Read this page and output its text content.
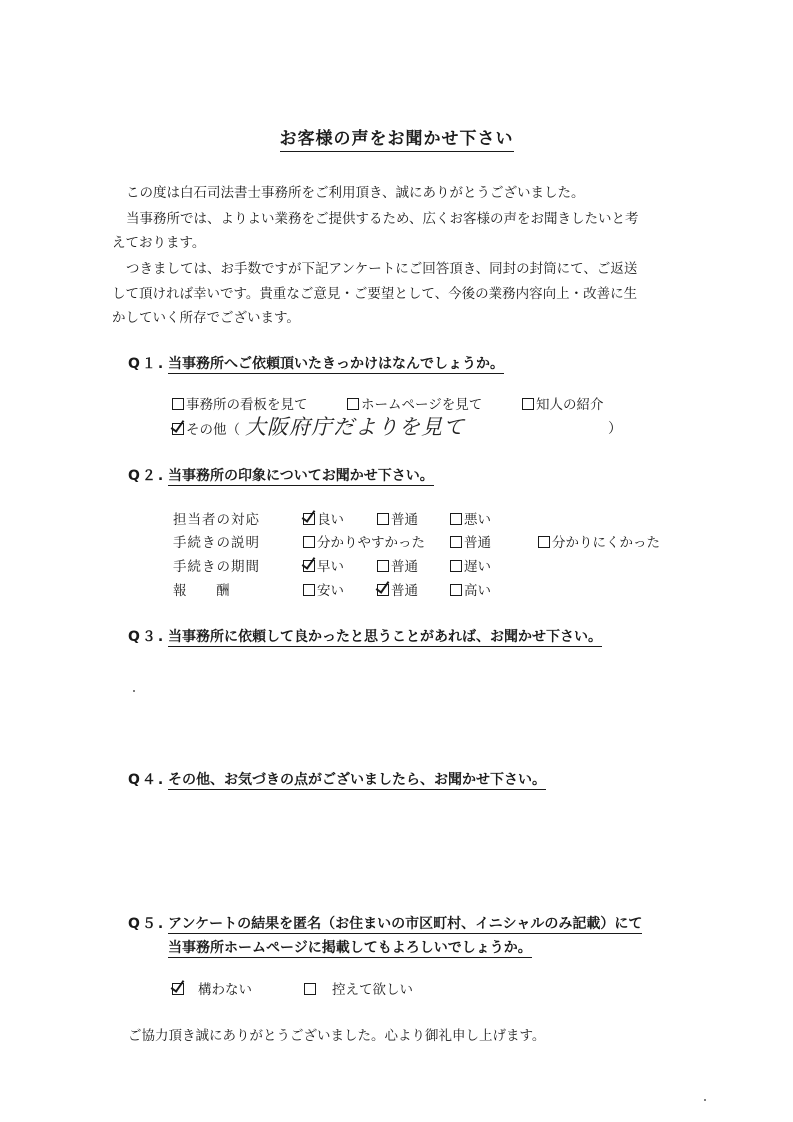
お客様の声をお聞かせ下さい
この度は白石司法書士事務所をご利用頂き、誠にありがとうございました。
当事務所では、よりよい業務をご提供するため、広くお客様の声をお聞きしたいと考
えております。
つきましては、お手数ですが下記アンケートにご回答頂き、同封の封筒にて、ご返送
して頂ければ幸いです。貴重なご意見・ご要望として、今後の業務内容向上・改善に生
かしていく所存でございます。
Q１. 当事務所へご依頼頂いたきっかけはなんでしょうか。
事務所の看板を見て	ホームページを見て	知人の紹介
その他（ 大阪府庁だよりを見て	）
Q２. 当事務所の印象についてお聞かせ下さい。
担当者の対応	良い	普通	悪い
手続きの説明	分かりやすかった	普通	分かりにくかった
手続きの期間	早い	普通	遅い
報　酬	安い	普通	高い
Q３. 当事務所に依頼して良かったと思うことがあれば、お聞かせ下さい。
Q４. その他、お気づきの点がございましたら、お聞かせ下さい。
Q５. アンケートの結果を匿名（お住まいの市区町村、イニシャルのみ記載）にて
当事務所ホームページに掲載してもよろしいでしょうか。
構わない	控えて欲しい
ご協力頂き誠にありがとうございました。心より御礼申し上げます。
